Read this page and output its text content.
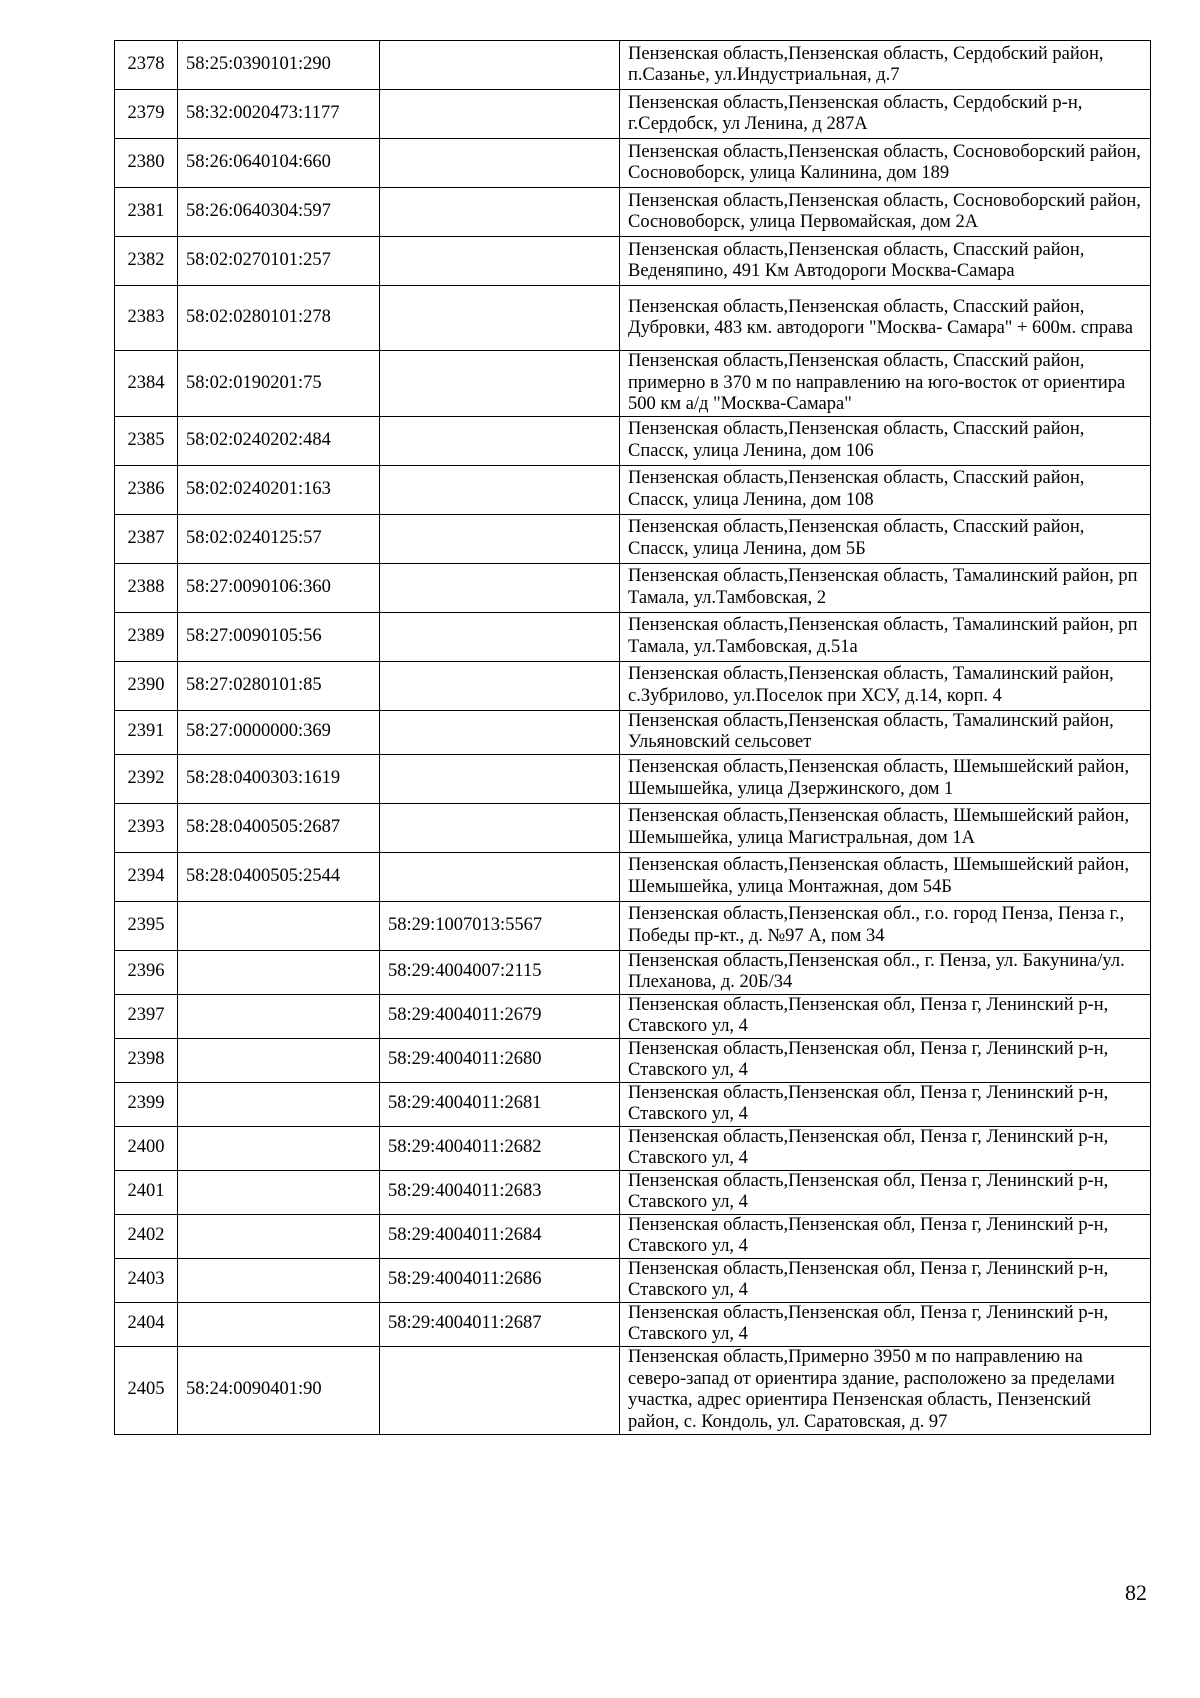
2378	58:25:0390101:290		Пензенская область,Пензенская область, Сердобский район, п.Сазанье, ул.Индустриальная, д.7
2379	58:32:0020473:1177		Пензенская область,Пензенская область, Сердобский р-н, г.Сердобск, ул Ленина, д 287А
2380	58:26:0640104:660		Пензенская область,Пензенская область, Сосновоборский район, Сосновоборск, улица Калинина, дом 189
2381	58:26:0640304:597		Пензенская область,Пензенская область, Сосновоборский район, Сосновоборск, улица Первомайская, дом 2А
2382	58:02:0270101:257		Пензенская область,Пензенская область, Спасский район, Веденяпино, 491 Км Автодороги Москва-Самара
2383	58:02:0280101:278		Пензенская область,Пензенская область, Спасский район, Дубровки, 483 км. автодороги "Москва- Самара" + 600м. справа
2384	58:02:0190201:75		Пензенская область,Пензенская область, Спасский район, примерно в 370 м по направлению на юго-восток от ориентира 500 км а/д "Москва-Самара"
2385	58:02:0240202:484		Пензенская область,Пензенская область, Спасский район, Спасск, улица Ленина, дом 106
2386	58:02:0240201:163		Пензенская область,Пензенская область, Спасский район, Спасск, улица Ленина, дом 108
2387	58:02:0240125:57		Пензенская область,Пензенская область, Спасский район, Спасск, улица Ленина, дом 5Б
2388	58:27:0090106:360		Пензенская область,Пензенская область, Тамалинский район, рп Тамала, ул.Тамбовская, 2
2389	58:27:0090105:56		Пензенская область,Пензенская область, Тамалинский район, рп Тамала, ул.Тамбовская, д.51а
2390	58:27:0280101:85		Пензенская область,Пензенская область, Тамалинский район, с.Зубрилово, ул.Поселок при ХСУ, д.14, корп. 4
2391	58:27:0000000:369		Пензенская область,Пензенская область, Тамалинский район, Ульяновский сельсовет
2392	58:28:0400303:1619		Пензенская область,Пензенская область, Шемышейский район, Шемышейка, улица Дзержинского, дом 1
2393	58:28:0400505:2687		Пензенская область,Пензенская область, Шемышейский район, Шемышейка, улица Магистральная, дом 1А
2394	58:28:0400505:2544		Пензенская область,Пензенская область, Шемышейский район, Шемышейка, улица Монтажная, дом 54Б
2395		58:29:1007013:5567	Пензенская область,Пензенская обл., г.о. город Пенза, Пенза г., Победы пр-кт., д. №97 А, пом 34
2396		58:29:4004007:2115	Пензенская область,Пензенская обл., г. Пенза, ул. Бакунина/ул. Плеханова, д. 20Б/34
2397		58:29:4004011:2679	Пензенская область,Пензенская обл, Пенза г, Ленинский р-н, Ставского ул, 4
2398		58:29:4004011:2680	Пензенская область,Пензенская обл, Пенза г, Ленинский р-н, Ставского ул, 4
2399		58:29:4004011:2681	Пензенская область,Пензенская обл, Пенза г, Ленинский р-н, Ставского ул, 4
2400		58:29:4004011:2682	Пензенская область,Пензенская обл, Пенза г, Ленинский р-н, Ставского ул, 4
2401		58:29:4004011:2683	Пензенская область,Пензенская обл, Пенза г, Ленинский р-н, Ставского ул, 4
2402		58:29:4004011:2684	Пензенская область,Пензенская обл, Пенза г, Ленинский р-н, Ставского ул, 4
2403		58:29:4004011:2686	Пензенская область,Пензенская обл, Пенза г, Ленинский р-н, Ставского ул, 4
2404		58:29:4004011:2687	Пензенская область,Пензенская обл, Пенза г, Ленинский р-н, Ставского ул, 4
2405	58:24:0090401:90		Пензенская область,Примерно 3950 м по направлению на северо-запад от ориентира здание, расположено за пределами участка, адрес ориентира Пензенская область, Пензенский район, с. Кондоль, ул. Саратовская, д. 97
82
